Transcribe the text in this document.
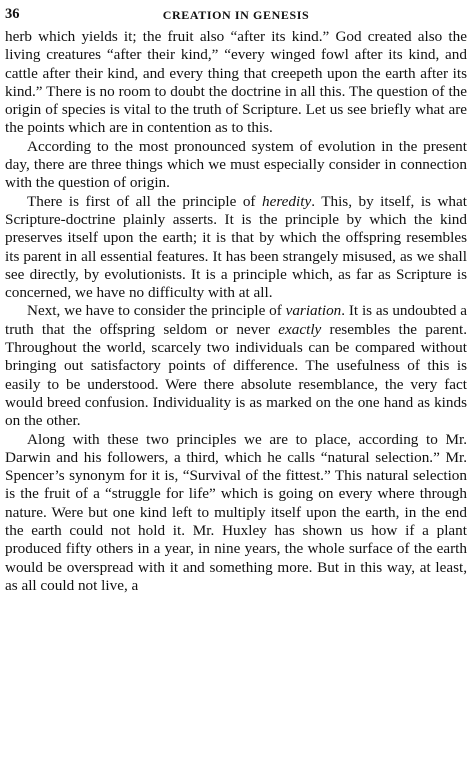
36	CREATION IN GENESIS

herb which yields it; the fruit also “after its kind.” God created also the living creatures “after their kind,” “every winged fowl after its kind, and cattle after their kind, and every thing that creepeth upon the earth after its kind.” There is no room to doubt the doctrine in all this. The question of the origin of species is vital to the truth of Scripture. Let us see briefly what are the points which are in contention as to this.

According to the most pronounced system of evolution in the present day, there are three things which we must especially consider in connection with the question of origin.

There is first of all the principle of heredity. This, by itself, is what Scripture-doctrine plainly asserts. It is the principle by which the kind preserves itself upon the earth; it is that by which the offspring resembles its parent in all essential features. It has been strangely misused, as we shall see directly, by evolutionists. It is a principle which, as far as Scripture is concerned, we have no difficulty with at all.

Next, we have to consider the principle of variation. It is as undoubted a truth that the offspring seldom or never exactly resembles the parent. Throughout the world, scarcely two individuals can be compared without bringing out satisfactory points of difference. The usefulness of this is easily to be understood. Were there absolute resemblance, the very fact would breed confusion. Individuality is as marked on the one hand as kinds on the other.

Along with these two principles we are to place, according to Mr. Darwin and his followers, a third, which he calls “natural selection.” Mr. Spencer’s synonym for it is, “Survival of the fittest.” This natural selection is the fruit of a “struggle for life” which is going on every where through nature. Were but one kind left to multiply itself upon the earth, in the end the earth could not hold it. Mr. Huxley has shown us how if a plant produced fifty others in a year, in nine years, the whole surface of the earth would be overspread with it and something more. But in this way, at least, as all could not live, a
